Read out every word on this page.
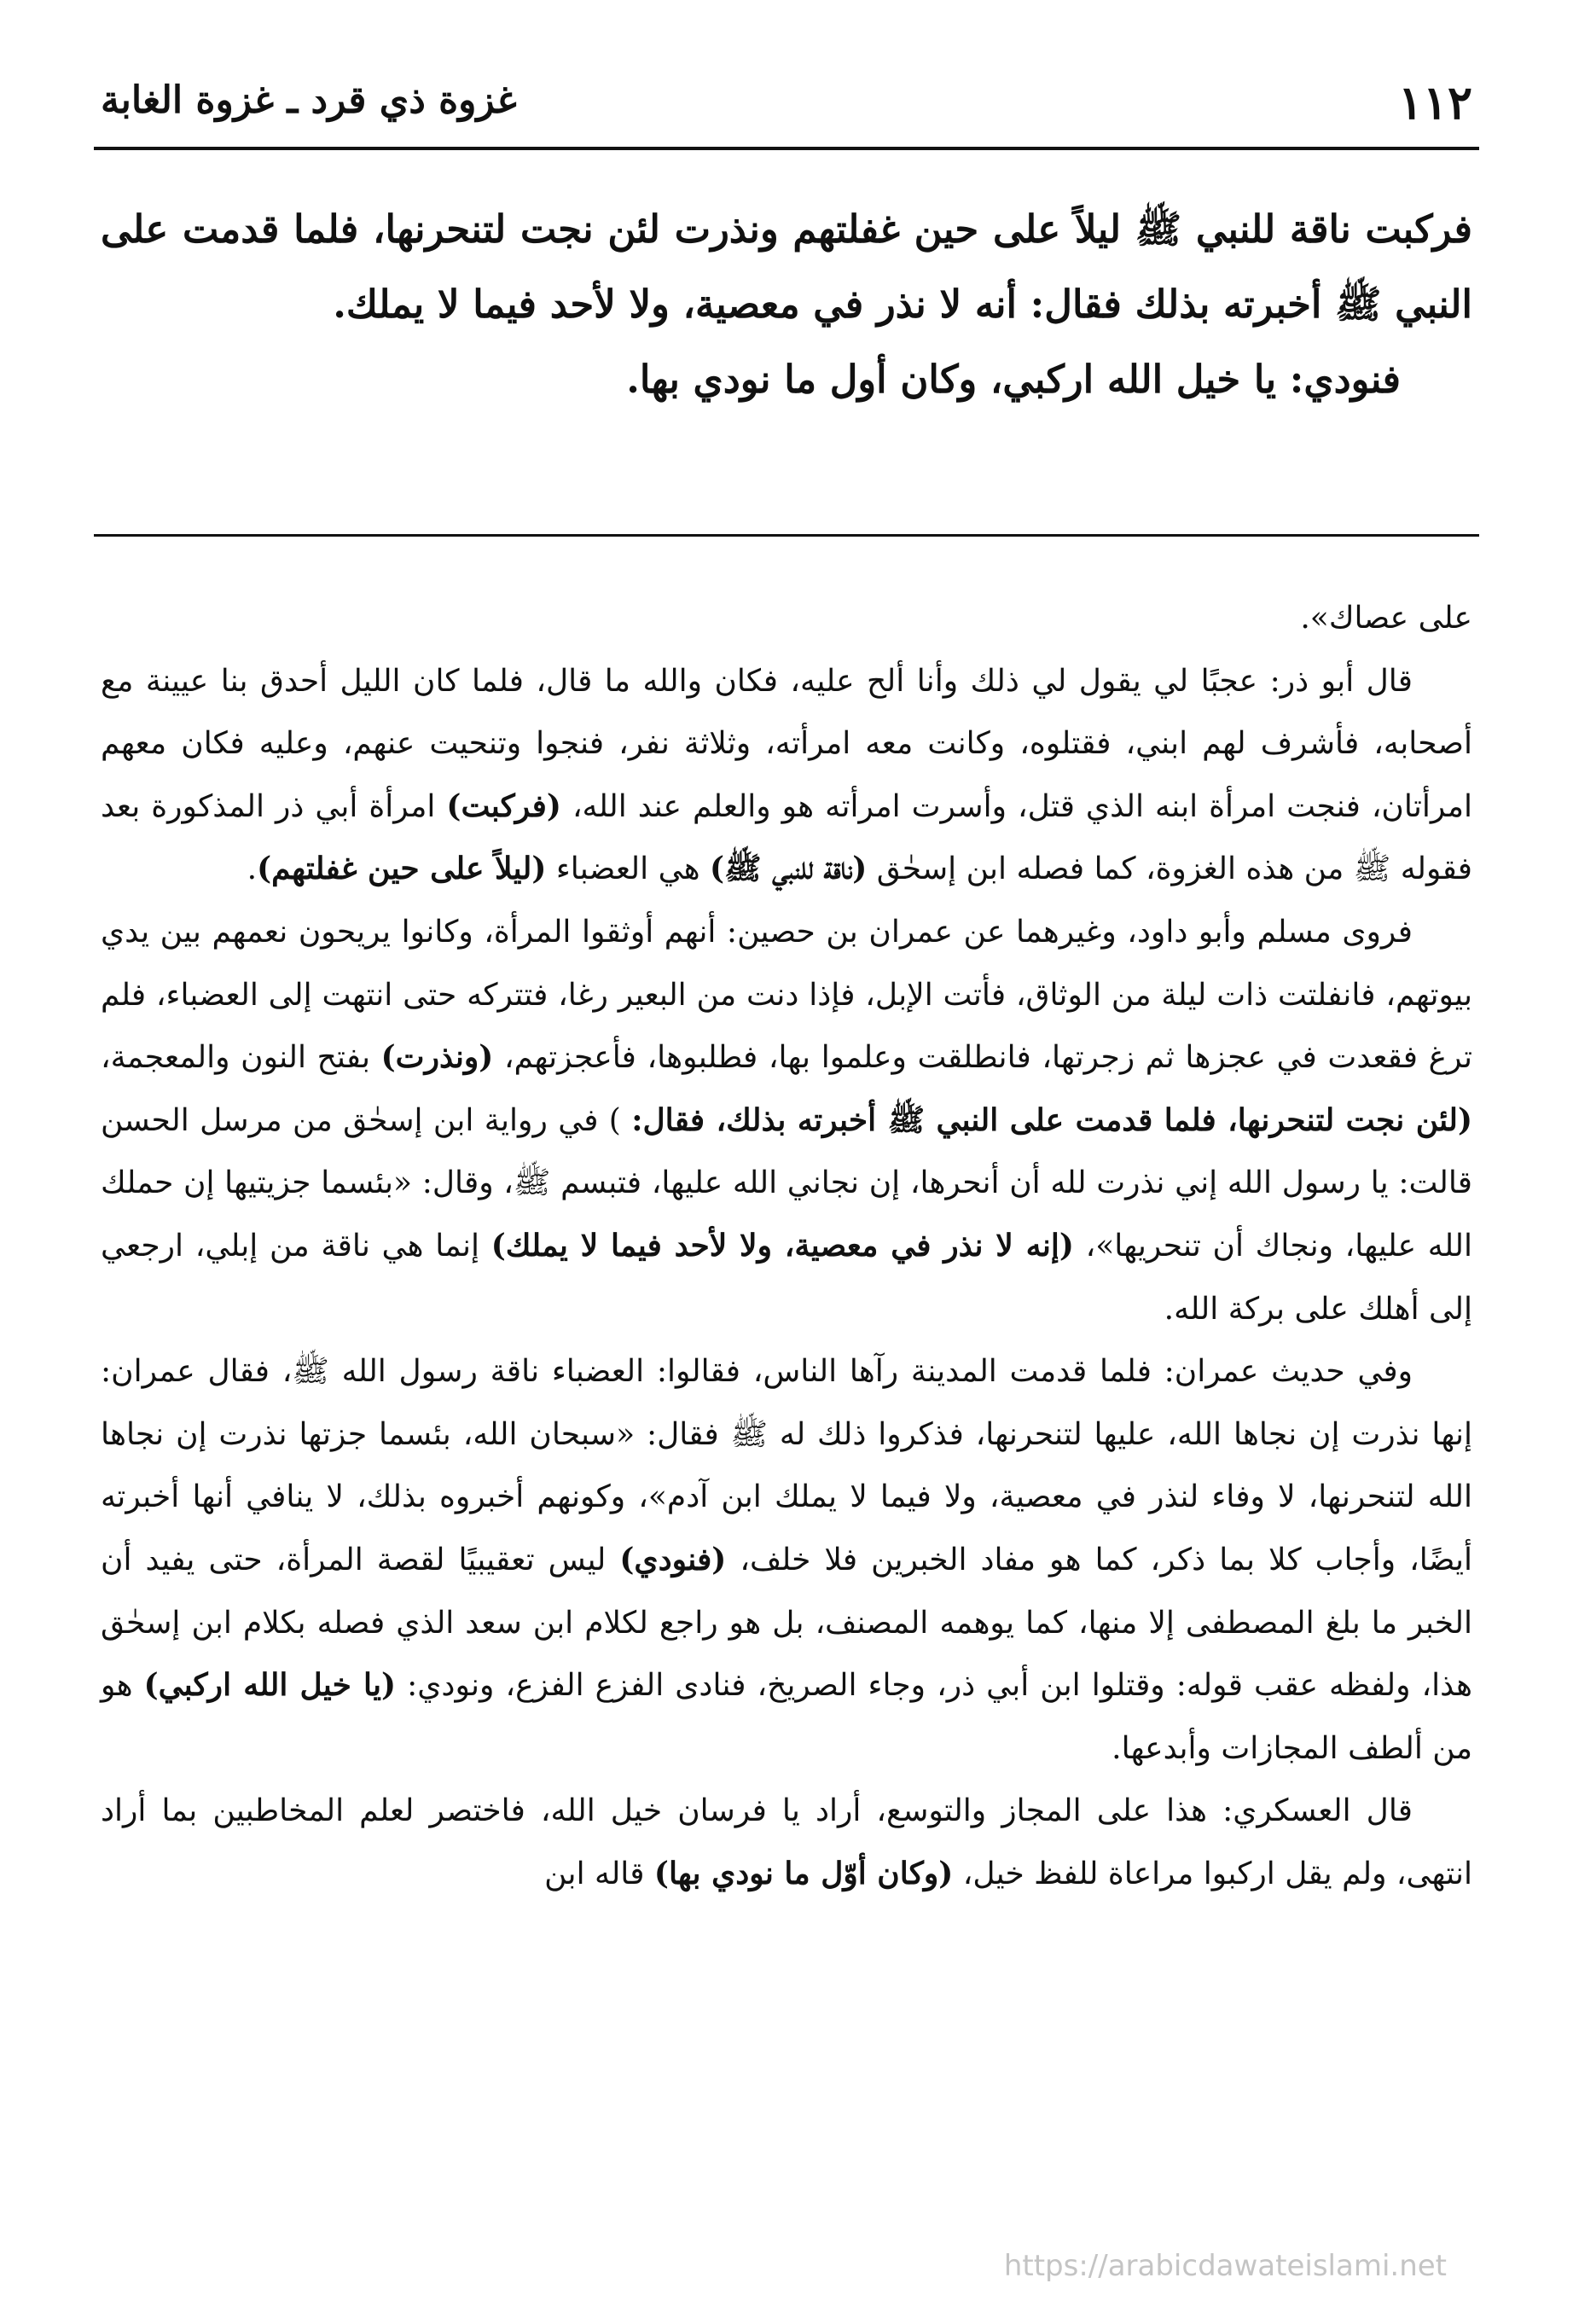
١١٢
غزوة ذي قرد ـ غزوة الغابة

فركبت ناقة للنبي ﷺ ليلاً على حين غفلتهم ونذرت لئن نجت لتنحرنها، فلما قدمت على النبي ﷺ أخبرته بذلك فقال: أنه لا نذر في معصية، ولا لأحد فيما لا يملك.

فنودي: يا خيل الله اركبي، وكان أول ما نودي بها.

على عصاك».

قال أبو ذر: عجبًا لي يقول لي ذلك وأنا ألح عليه، فكان والله ما قال، فلما كان الليل أحدق بنا عيينة مع أصحابه، فأشرف لهم ابني، فقتلوه، وكانت معه امرأته، وثلاثة نفر، فنجوا وتنحيت عنهم، وعليه فكان معهم امرأتان، فنجت امرأة ابنه الذي قتل، وأسرت امرأته هو والعلم عند الله، (فركبت) امرأة أبي ذر المذكورة بعد فقوله ﷺ من هذه الغزوة، كما فصله ابن إسحٰق (ناقة للنبي ﷺ) هي العضباء (ليلاً على حين غفلتهم).

فروى مسلم وأبو داود، وغيرهما عن عمران بن حصين: أنهم أوثقوا المرأة، وكانوا يريحون نعمهم بين يدي بيوتهم، فانفلتت ذات ليلة من الوثاق، فأتت الإبل، فإذا دنت من البعير رغا، فتتركه حتى انتهت إلى العضباء، فلم ترغ فقعدت في عجزها ثم زجرتها، فانطلقت وعلموا بها، فطلبوها، فأعجزتهم، (ونذرت) بفتح النون والمعجمة، (لئن نجت لتنحرنها، فلما قدمت على النبي ﷺ أخبرته بذلك، فقال: ) في رواية ابن إسحٰق من مرسل الحسن قالت: يا رسول الله إني نذرت لله أن أنحرها، إن نجاني الله عليها، فتبسم ﷺ، وقال: «بئسما جزيتيها إن حملك الله عليها، ونجاك أن تنحريها»، (إنه لا نذر في معصية، ولا لأحد فيما لا يملك) إنما هي ناقة من إبلي، ارجعي إلى أهلك على بركة الله.

وفي حديث عمران: فلما قدمت المدينة رآها الناس، فقالوا: العضباء ناقة رسول الله ﷺ، فقال عمران: إنها نذرت إن نجاها الله، عليها لتنحرنها، فذكروا ذلك له ﷺ فقال: «سبحان الله، بئسما جزتها نذرت إن نجاها الله لتنحرنها، لا وفاء لنذر في معصية، ولا فيما لا يملك ابن آدم»، وكونهم أخبروه بذلك، لا ينافي أنها أخبرته أيضًا، وأجاب كلا بما ذكر، كما هو مفاد الخبرين فلا خلف، (فنودي) ليس تعقيبيًا لقصة المرأة، حتى يفيد أن الخبر ما بلغ المصطفى إلا منها، كما يوهمه المصنف، بل هو راجع لكلام ابن سعد الذي فصله بكلام ابن إسحٰق هذا، ولفظه عقب قوله: وقتلوا ابن أبي ذر، وجاء الصريخ، فنادى الفزع الفزع، ونودي: (يا خيل الله اركبي) هو من ألطف المجازات وأبدعها.

قال العسكري: هذا على المجاز والتوسع، أراد يا فرسان خيل الله، فاختصر لعلم المخاطبين بما أراد انتهى، ولم يقل اركبوا مراعاة للفظ خيل، (وكان أوّل ما نودي بها) قاله ابن

https://arabicdawateislami.net
